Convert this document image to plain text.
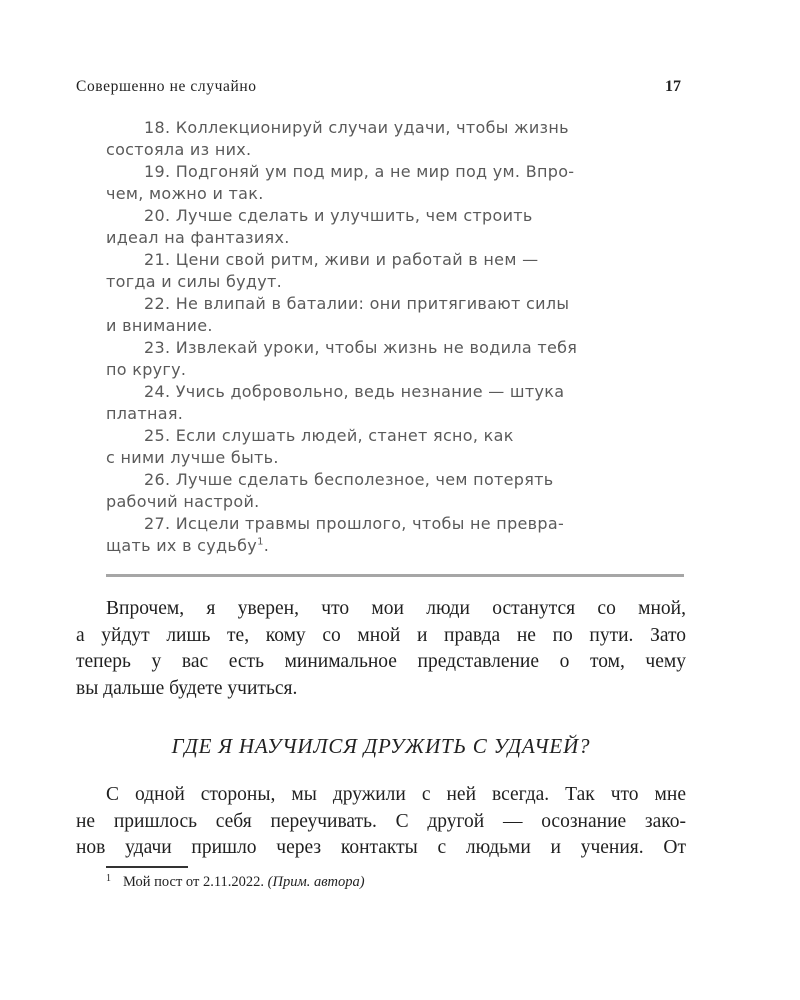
Совершенно не случайно	17
18. Коллекционируй случаи удачи, чтобы жизнь
состояла из них.
19. Подгоняй ум под мир, а не мир под ум. Впро-
чем, можно и так.
20. Лучше сделать и улучшить, чем строить
идеал на фантазиях.
21. Цени свой ритм, живи и работай в нем —
тогда и силы будут.
22. Не влипай в баталии: они притягивают силы
и внимание.
23. Извлекай уроки, чтобы жизнь не водила тебя
по кругу.
24. Учись добровольно, ведь незнание — штука
платная.
25. Если слушать людей, станет ясно, как
с ними лучше быть.
26. Лучше сделать бесполезное, чем потерять
рабочий настрой.
27. Исцели травмы прошлого, чтобы не превра-
щать их в судьбу$^1$.
Впрочем, я уверен, что мои люди останутся со мной,
а уйдут лишь те, кому со мной и правда не по пути. Зато
теперь у вас есть минимальное представление о том, чему
вы дальше будете учиться.
ГДЕ Я НАУЧИЛСЯ ДРУЖИТЬ С УДАЧЕЙ?
С одной стороны, мы дружили с ней всегда. Так что мне
не пришлось себя переучивать. С другой — осознание зако-
нов удачи пришло через контакты с людьми и учения. От
$^1$ Мой пост от 2.11.2022. (Прим. автора)
